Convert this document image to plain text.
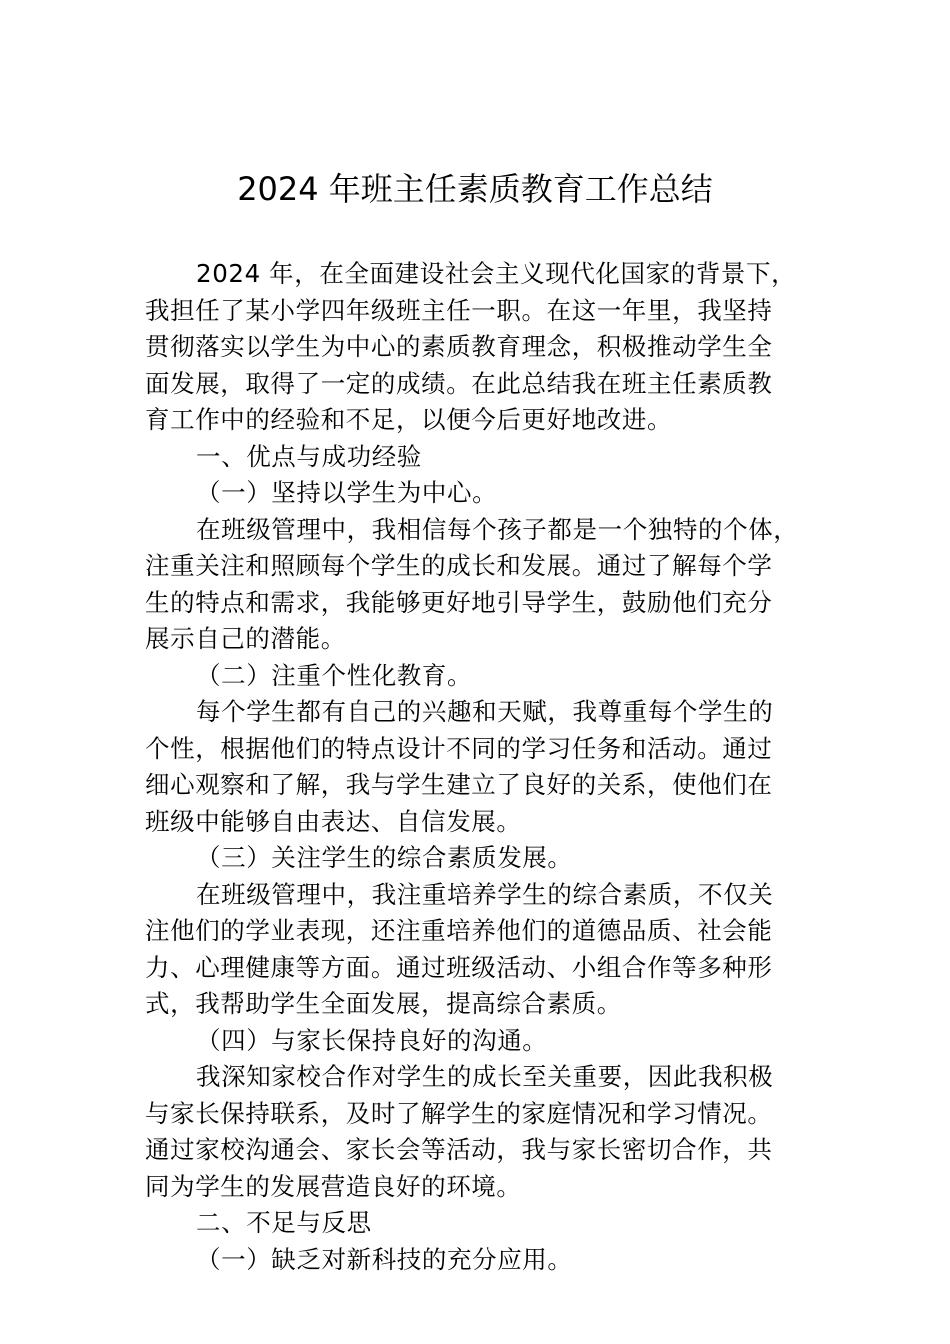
2024 年班主任素质教育工作总结
2024 年，在全面建设社会主义现代化国家的背景下，
我担任了某小学四年级班主任一职。在这一年里，我坚持
贯彻落实以学生为中心的素质教育理念，积极推动学生全
面发展，取得了一定的成绩。在此总结我在班主任素质教
育工作中的经验和不足，以便今后更好地改进。
一、优点与成功经验
（一）坚持以学生为中心。
在班级管理中，我相信每个孩子都是一个独特的个体，
注重关注和照顾每个学生的成长和发展。通过了解每个学
生的特点和需求，我能够更好地引导学生，鼓励他们充分
展示自己的潜能。
（二）注重个性化教育。
每个学生都有自己的兴趣和天赋，我尊重每个学生的
个性，根据他们的特点设计不同的学习任务和活动。通过
细心观察和了解，我与学生建立了良好的关系，使他们在
班级中能够自由表达、自信发展。
（三）关注学生的综合素质发展。
在班级管理中，我注重培养学生的综合素质，不仅关
注他们的学业表现，还注重培养他们的道德品质、社会能
力、心理健康等方面。通过班级活动、小组合作等多种形
式，我帮助学生全面发展，提高综合素质。
（四）与家长保持良好的沟通。
我深知家校合作对学生的成长至关重要，因此我积极
与家长保持联系，及时了解学生的家庭情况和学习情况。
通过家校沟通会、家长会等活动，我与家长密切合作，共
同为学生的发展营造良好的环境。
二、不足与反思
（一）缺乏对新科技的充分应用。
